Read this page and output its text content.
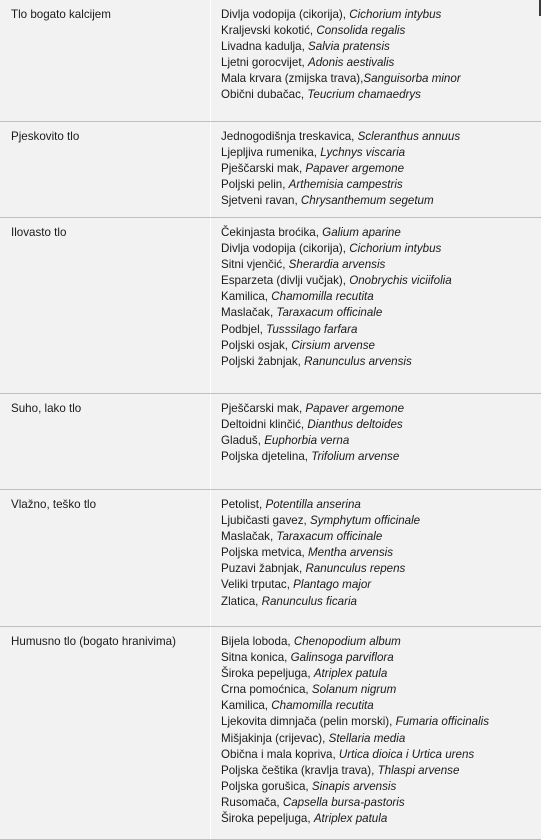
Tlo bogato kalcijem	Divlja vodopija (cikorija), Cichorium intybus
Kraljevski kokotić, Consolida regalis
Livadna kadulja, Salvia pratensis
Ljetni gorocvijet, Adonis aestivalis
Mala krvara (zmijska trava),Sanguisorba minor
Obični dubačac, Teucrium chamaedrys
Pjeskovito tlo	Jednogodišnja treskavica, Scleranthus annuus
Ljepljiva rumenika, Lychnys viscaria
Pješčarski mak, Papaver argemone
Poljski pelin, Arthemisia campestris
Sjetveni ravan, Chrysanthemum segetum
Ilovasto tlo	Čekinjasta broćika, Galium aparine
Divlja vodopija (cikorija), Cichorium intybus
Sitni vjenčić, Sherardia arvensis
Esparzeta (divlji vučjak), Onobrychis viciifolia
Kamilica, Chamomilla recutita
Maslačak, Taraxacum officinale
Podbjel, Tusssilago farfara
Poljski osjak, Cirsium arvense
Poljski žabnjak, Ranunculus arvensis
Suho, lako tlo	Pješčarski mak, Papaver argemone
Deltoidni klinčić, Dianthus deltoides
Gladuš, Euphorbia verna
Poljska djetelina, Trifolium arvense
Vlažno, teško tlo	Petolist, Potentilla anserina
Ljubičasti gavez, Symphytum officinale
Maslačak, Taraxacum officinale
Poljska metvica, Mentha arvensis
Puzavi žabnjak, Ranunculus repens
Veliki trputac, Plantago major
Zlatica, Ranunculus ficaria
Humusno tlo (bogato hranivima)	Bijela loboda, Chenopodium album
Sitna konica, Galinsoga parviflora
Široka pepeljuga, Atriplex patula
Crna pomoćnica, Solanum nigrum
Kamilica, Chamomilla recutita
Ljekovita dimnjača (pelin morski), Fumaria officinalis
Mišjakinja (crijevac), Stellaria media
Obična i mala kopriva, Urtica dioica i Urtica urens
Poljska češtika (kravlja trava), Thlaspi arvense
Poljska gorušica, Sinapis arvensis
Rusomača, Capsella bursa-pastoris
Široka pepeljuga, Atriplex patula
